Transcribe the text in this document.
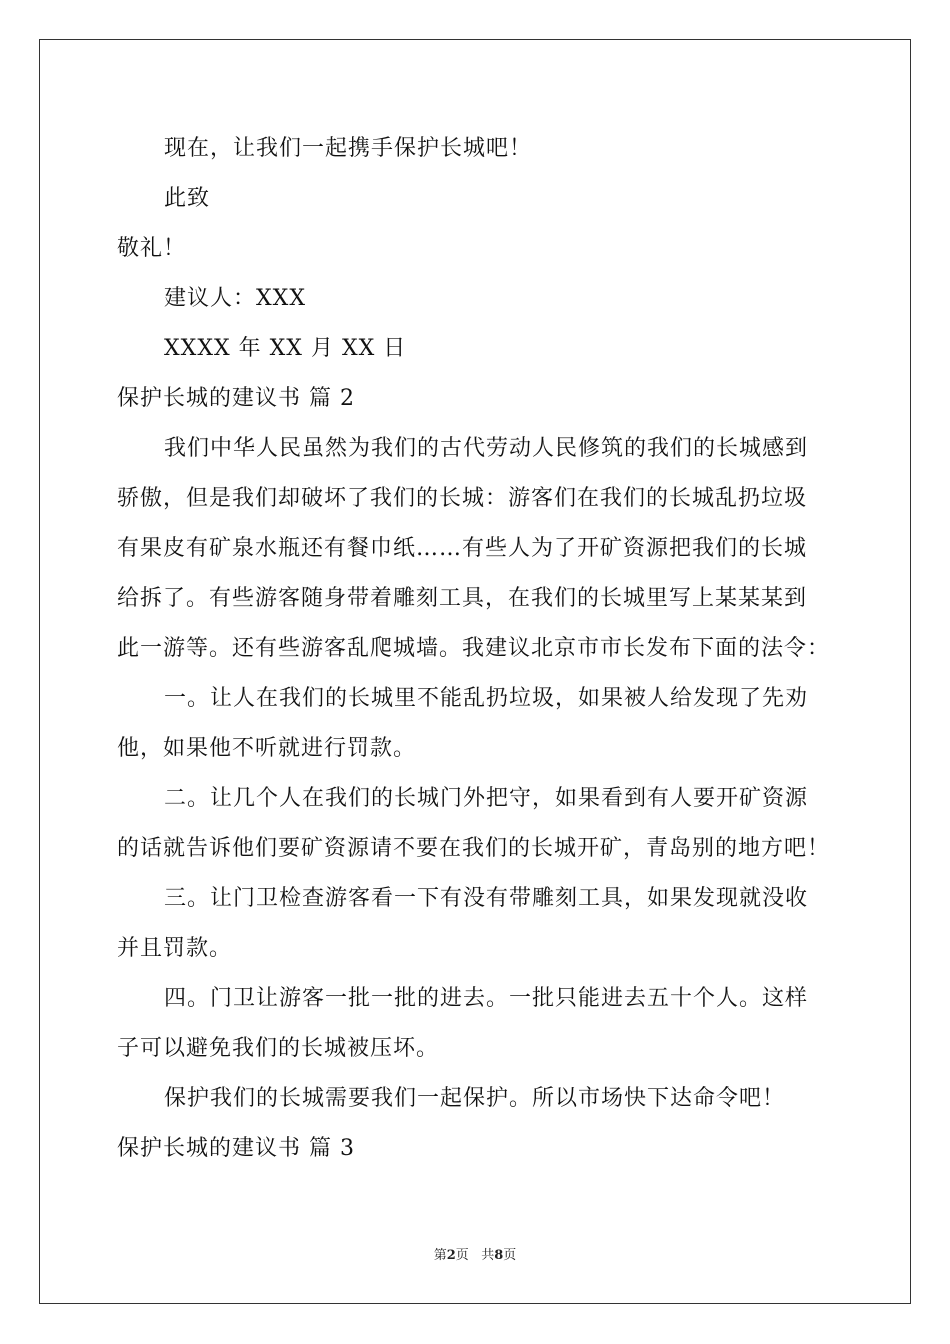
现在，让我们一起携手保护长城吧！
此致
敬礼！
建议人：XXX
XXXX 年 XX 月 XX 日
保护长城的建议书 篇 2
我们中华人民虽然为我们的古代劳动人民修筑的我们的长城感到
骄傲，但是我们却破坏了我们的长城：游客们在我们的长城乱扔垃圾
有果皮有矿泉水瓶还有餐巾纸……有些人为了开矿资源把我们的长城
给拆了。有些游客随身带着雕刻工具，在我们的长城里写上某某某到
此一游等。还有些游客乱爬城墙。我建议北京市市长发布下面的法令：
一。让人在我们的长城里不能乱扔垃圾，如果被人给发现了先劝
他，如果他不听就进行罚款。
二。让几个人在我们的长城门外把守，如果看到有人要开矿资源
的话就告诉他们要矿资源请不要在我们的长城开矿，青岛别的地方吧！
三。让门卫检查游客看一下有没有带雕刻工具，如果发现就没收
并且罚款。
四。门卫让游客一批一批的进去。一批只能进去五十个人。这样
子可以避免我们的长城被压坏。
保护我们的长城需要我们一起保护。所以市场快下达命令吧！
保护长城的建议书 篇 3
第2页 共8页
